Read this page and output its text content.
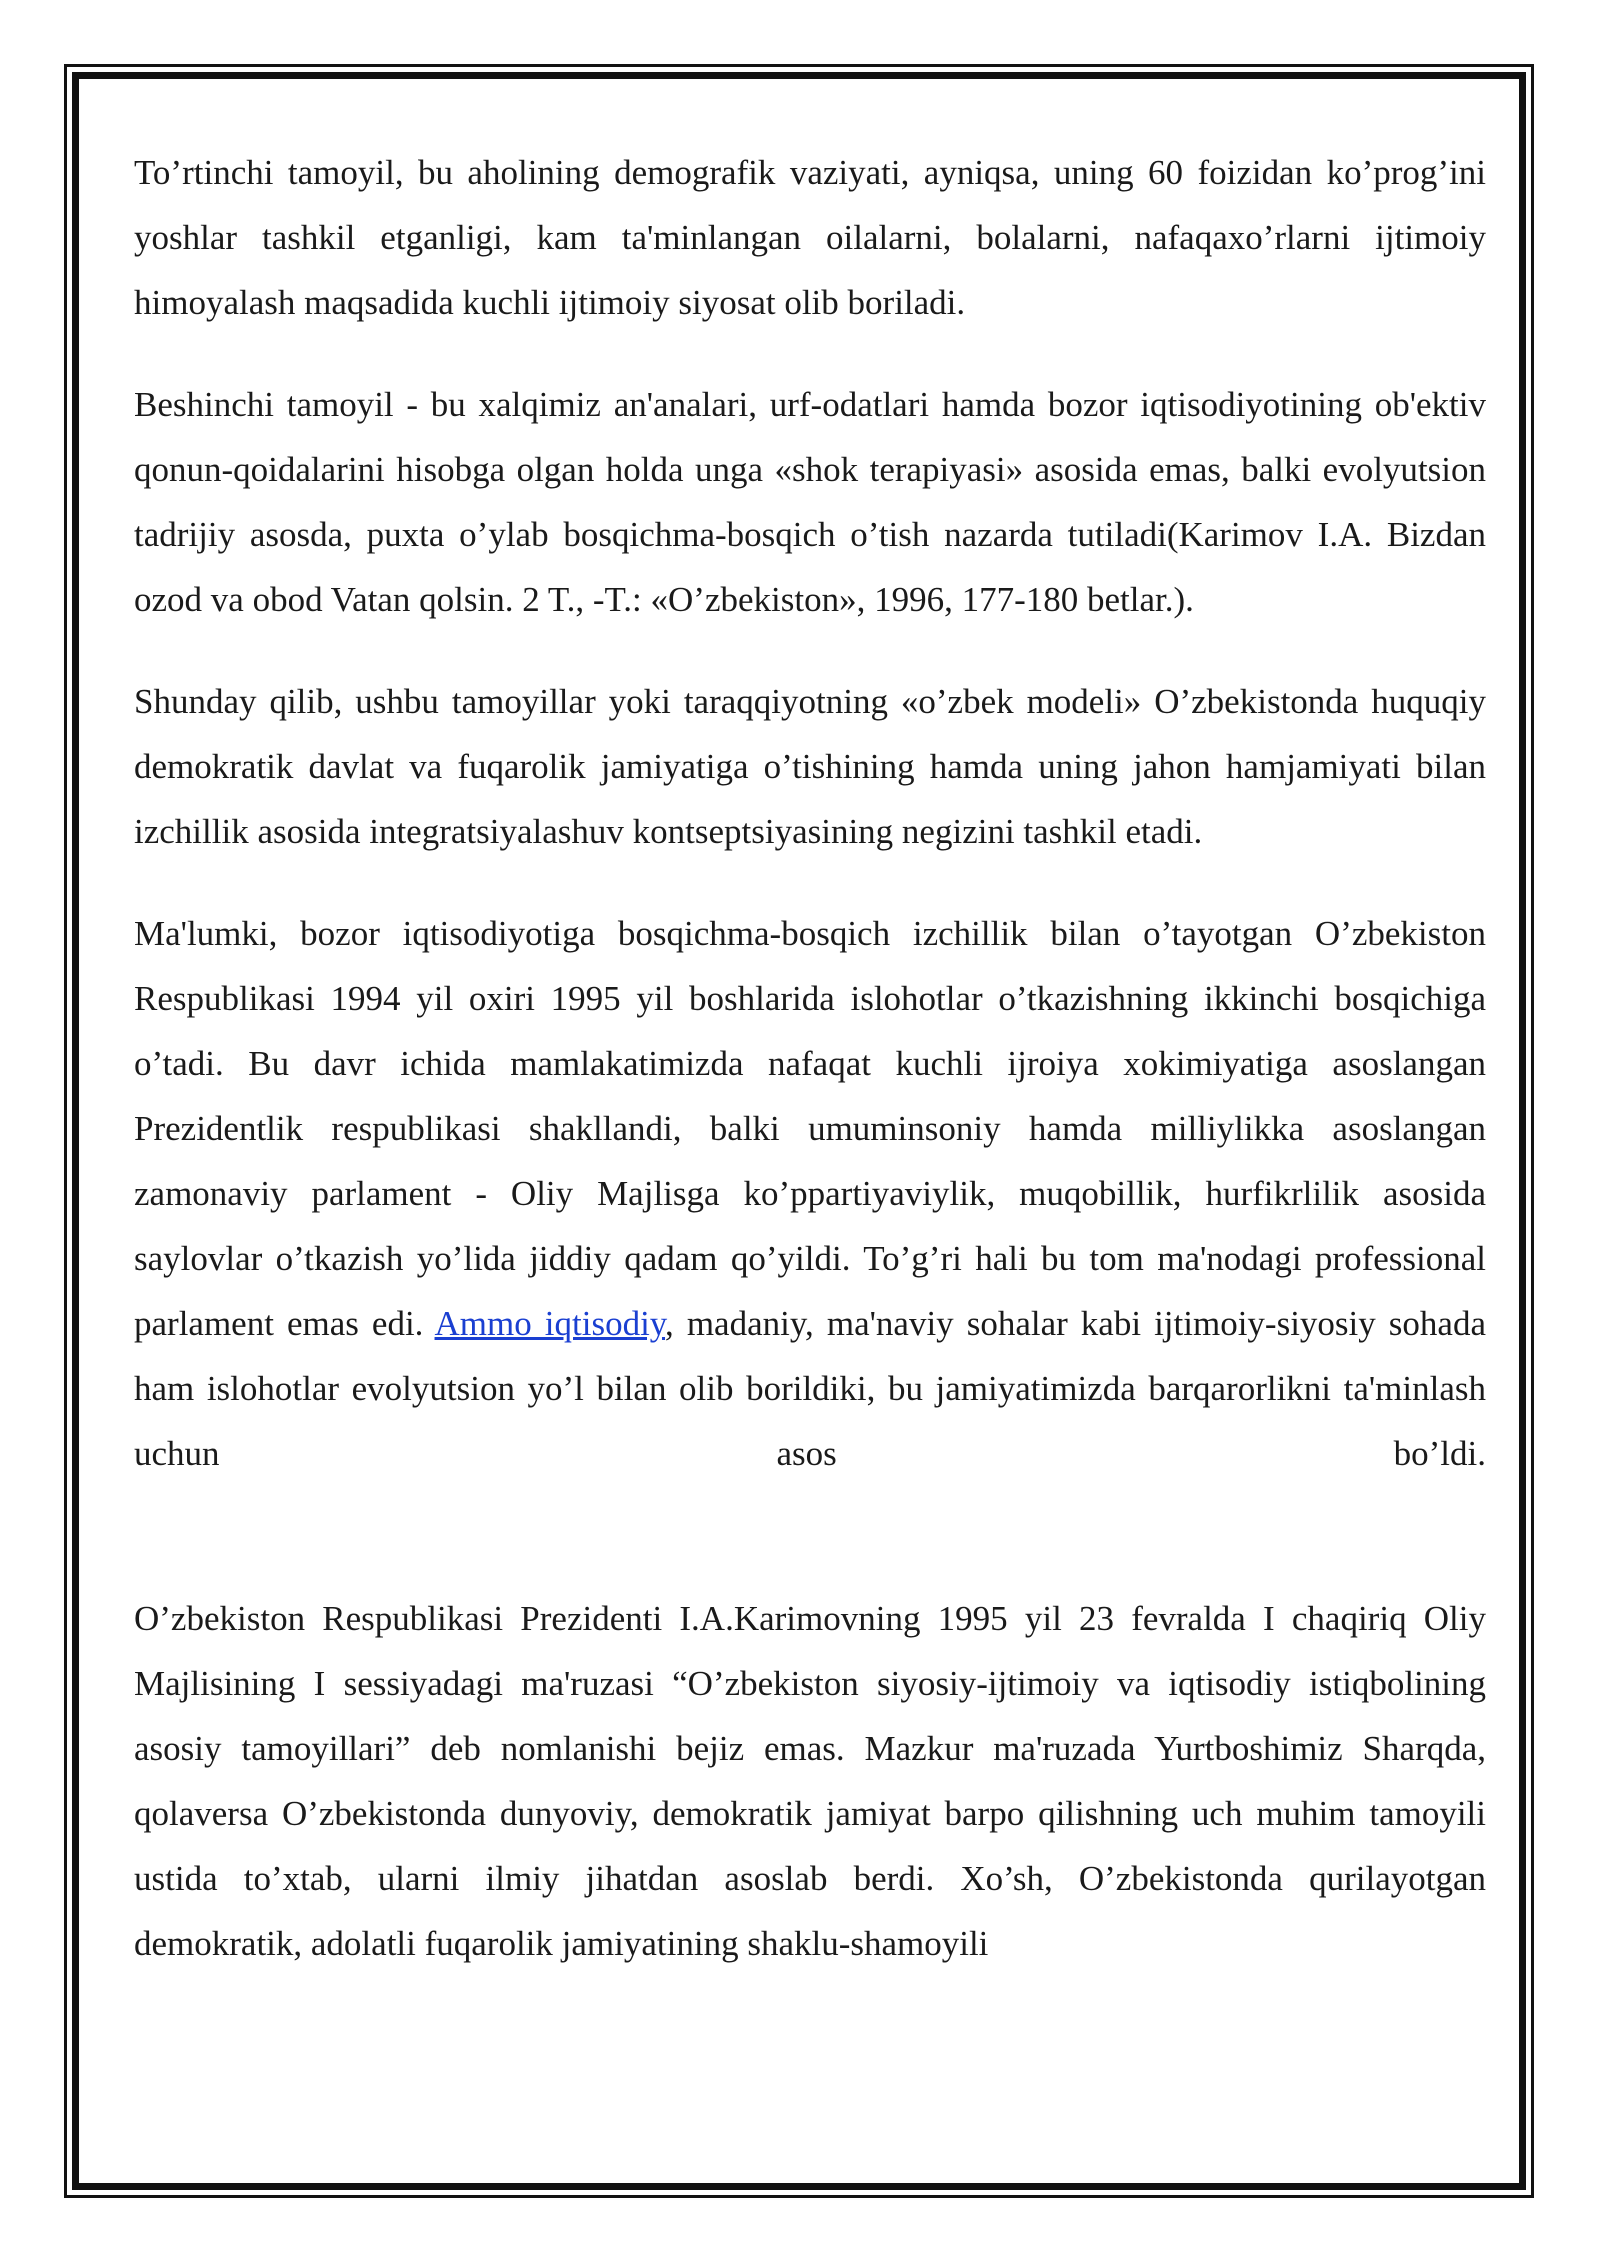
To’rtinchi tamoyil, bu aholining demografik vaziyati, ayniqsa, uning 60 foizidan ko’prog’ini yoshlar tashkil etganligi, kam ta'minlangan oilalarni, bolalarni, nafaqaxo’rlarni ijtimoiy himoyalash maqsadida kuchli ijtimoiy siyosat olib boriladi.

Beshinchi tamoyil - bu xalqimiz an'analari, urf-odatlari hamda bozor iqtisodiyotining ob'ektiv qonun-qoidalarini hisobga olgan holda unga «shok terapiyasi» asosida emas, balki evolyutsion tadrijiy asosda, puxta o’ylab bosqichma-bosqich o’tish nazarda tutiladi(Karimov I.A. Bizdan ozod va obod Vatan qolsin. 2 T., -T.: «O’zbekiston», 1996, 177-180 betlar.).

Shunday qilib, ushbu tamoyillar yoki taraqqiyotning «o’zbek modeli» O’zbekistonda huquqiy demokratik davlat va fuqarolik jamiyatiga o’tishining hamda uning jahon hamjamiyati bilan izchillik asosida integratsiyalashuv kontseptsiyasining negizini tashkil etadi.

Ma'lumki, bozor iqtisodiyotiga bosqichma-bosqich izchillik bilan o’tayotgan O’zbekiston Respublikasi 1994 yil oxiri 1995 yil boshlarida islohotlar o’tkazishning ikkinchi bosqichiga o’tadi. Bu davr ichida mamlakatimizda nafaqat kuchli ijroiya xokimiyatiga asoslangan Prezidentlik respublikasi shakllandi, balki umuminsoniy hamda milliylikka asoslangan zamonaviy parlament - Oliy Majlisga ko’ppartiyaviylik, muqobillik, hurfikrlilik asosida saylovlar o’tkazish yo’lida jiddiy qadam qo’yildi. To’g’ri hali bu tom ma'nodagi professional parlament emas edi. Ammo iqtisodiy, madaniy, ma'naviy sohalar kabi ijtimoiy-siyosiy sohada ham islohotlar evolyutsion yo’l bilan olib borildiki, bu jamiyatimizda barqarorlikni ta'minlash uchun asos bo’ldi.

O’zbekiston Respublikasi Prezidenti I.A.Karimovning 1995 yil 23 fevralda I chaqiriq Oliy Majlisining I sessiyadagi ma'ruzasi “O’zbekiston siyosiy-ijtimoiy va iqtisodiy istiqbolining asosiy tamoyillari” deb nomlanishi bejiz emas. Mazkur ma'ruzada Yurtboshimiz Sharqda, qolaversa O’zbekistonda dunyoviy, demokratik jamiyat barpo qilishning uch muhim tamoyili ustida to’xtab, ularni ilmiy jihatdan asoslab berdi. Xo’sh, O’zbekistonda qurilayotgan demokratik, adolatli fuqarolik jamiyatining shaklu-shamoyili
